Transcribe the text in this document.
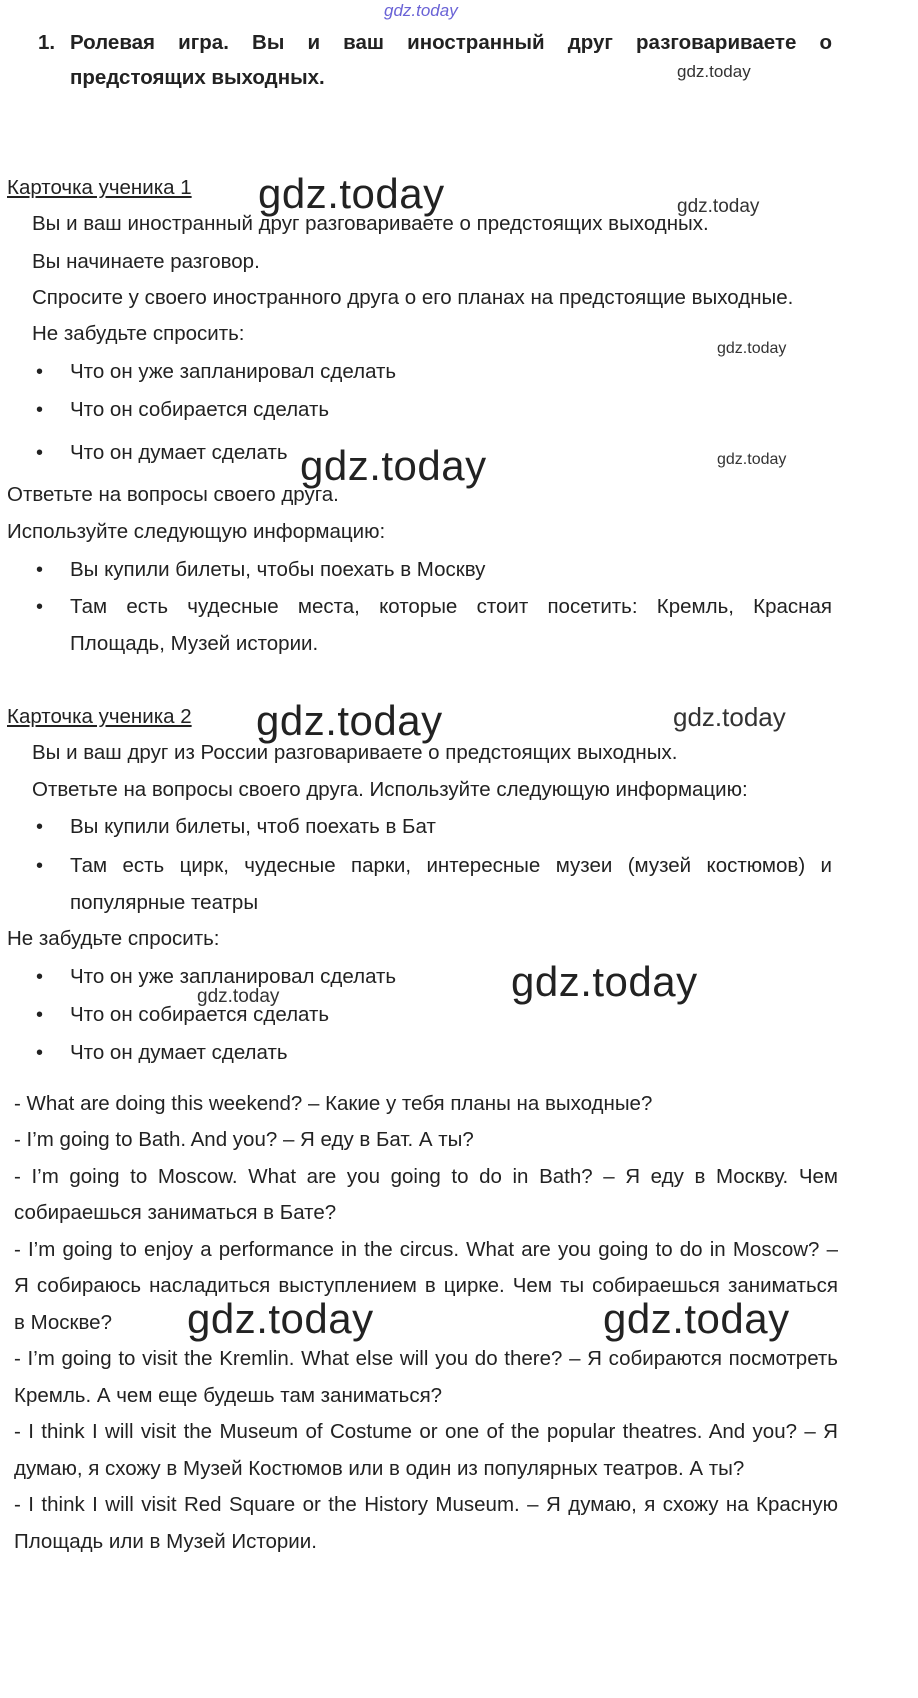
gdz.today
1. Ролевая игра. Вы и ваш иностранный друг разговариваете о
предстоящих выходных.	gdz.today
Карточка ученика 1 gdz.today	gdz.today
Вы и ваш иностранный друг разговариваете о предстоящих выходных.
Вы начинаете разговор.
Спросите у своего иностранного друга о его планах на предстоящие выходные.
Не забудьте спросить:
gdz.today
• Что он уже запланировал сделать
• Что он собирается сделать
• Что он думает сделать gdz.today	gdz.today
Ответьте на вопросы своего друга.
Используйте следующую информацию:
• Вы купили билеты, чтобы поехать в Москву
• Там есть чудесные места, которые стоит посетить: Кремль, Красная
Площадь, Музей истории.
Карточка ученика 2 gdz.today	gdz.today
Вы и ваш друг из России разговариваете о предстоящих выходных.
Ответьте на вопросы своего друга. Используйте следующую информацию:
• Вы купили билеты, чтоб поехать в Бат
• Там есть цирк, чудесные парки, интересные музеи (музей костюмов) и
популярные театры
Не забудьте спросить:
• Что он уже запланировал сделать	gdz.today
gdz.today
• Что он собирается сделать
• Что он думает сделать
- What are doing this weekend? – Какие у тебя планы на выходные?
- I’m going to Bath. And you? – Я еду в Бат. А ты?
- I’m going to Moscow. What are you going to do in Bath? – Я еду в Москву. Чем
собираешься заниматься в Бате?
- I’m going to enjoy a performance in the circus. What are you going to do in Moscow? –
Я собираюсь насладиться выступлением в цирке. Чем ты собираешься заниматься
в Москве? gdz.today	gdz.today
- I’m going to visit the Kremlin. What else will you do there? – Я собираются посмотреть
Кремль. А чем еще будешь там заниматься?
- I think I will visit the Museum of Costume or one of the popular theatres. And you? – Я
думаю, я схожу в Музей Костюмов или в один из популярных театров. А ты?
- I think I will visit Red Square or the History Museum. – Я думаю, я схожу на Красную
Площадь или в Музей Истории.
